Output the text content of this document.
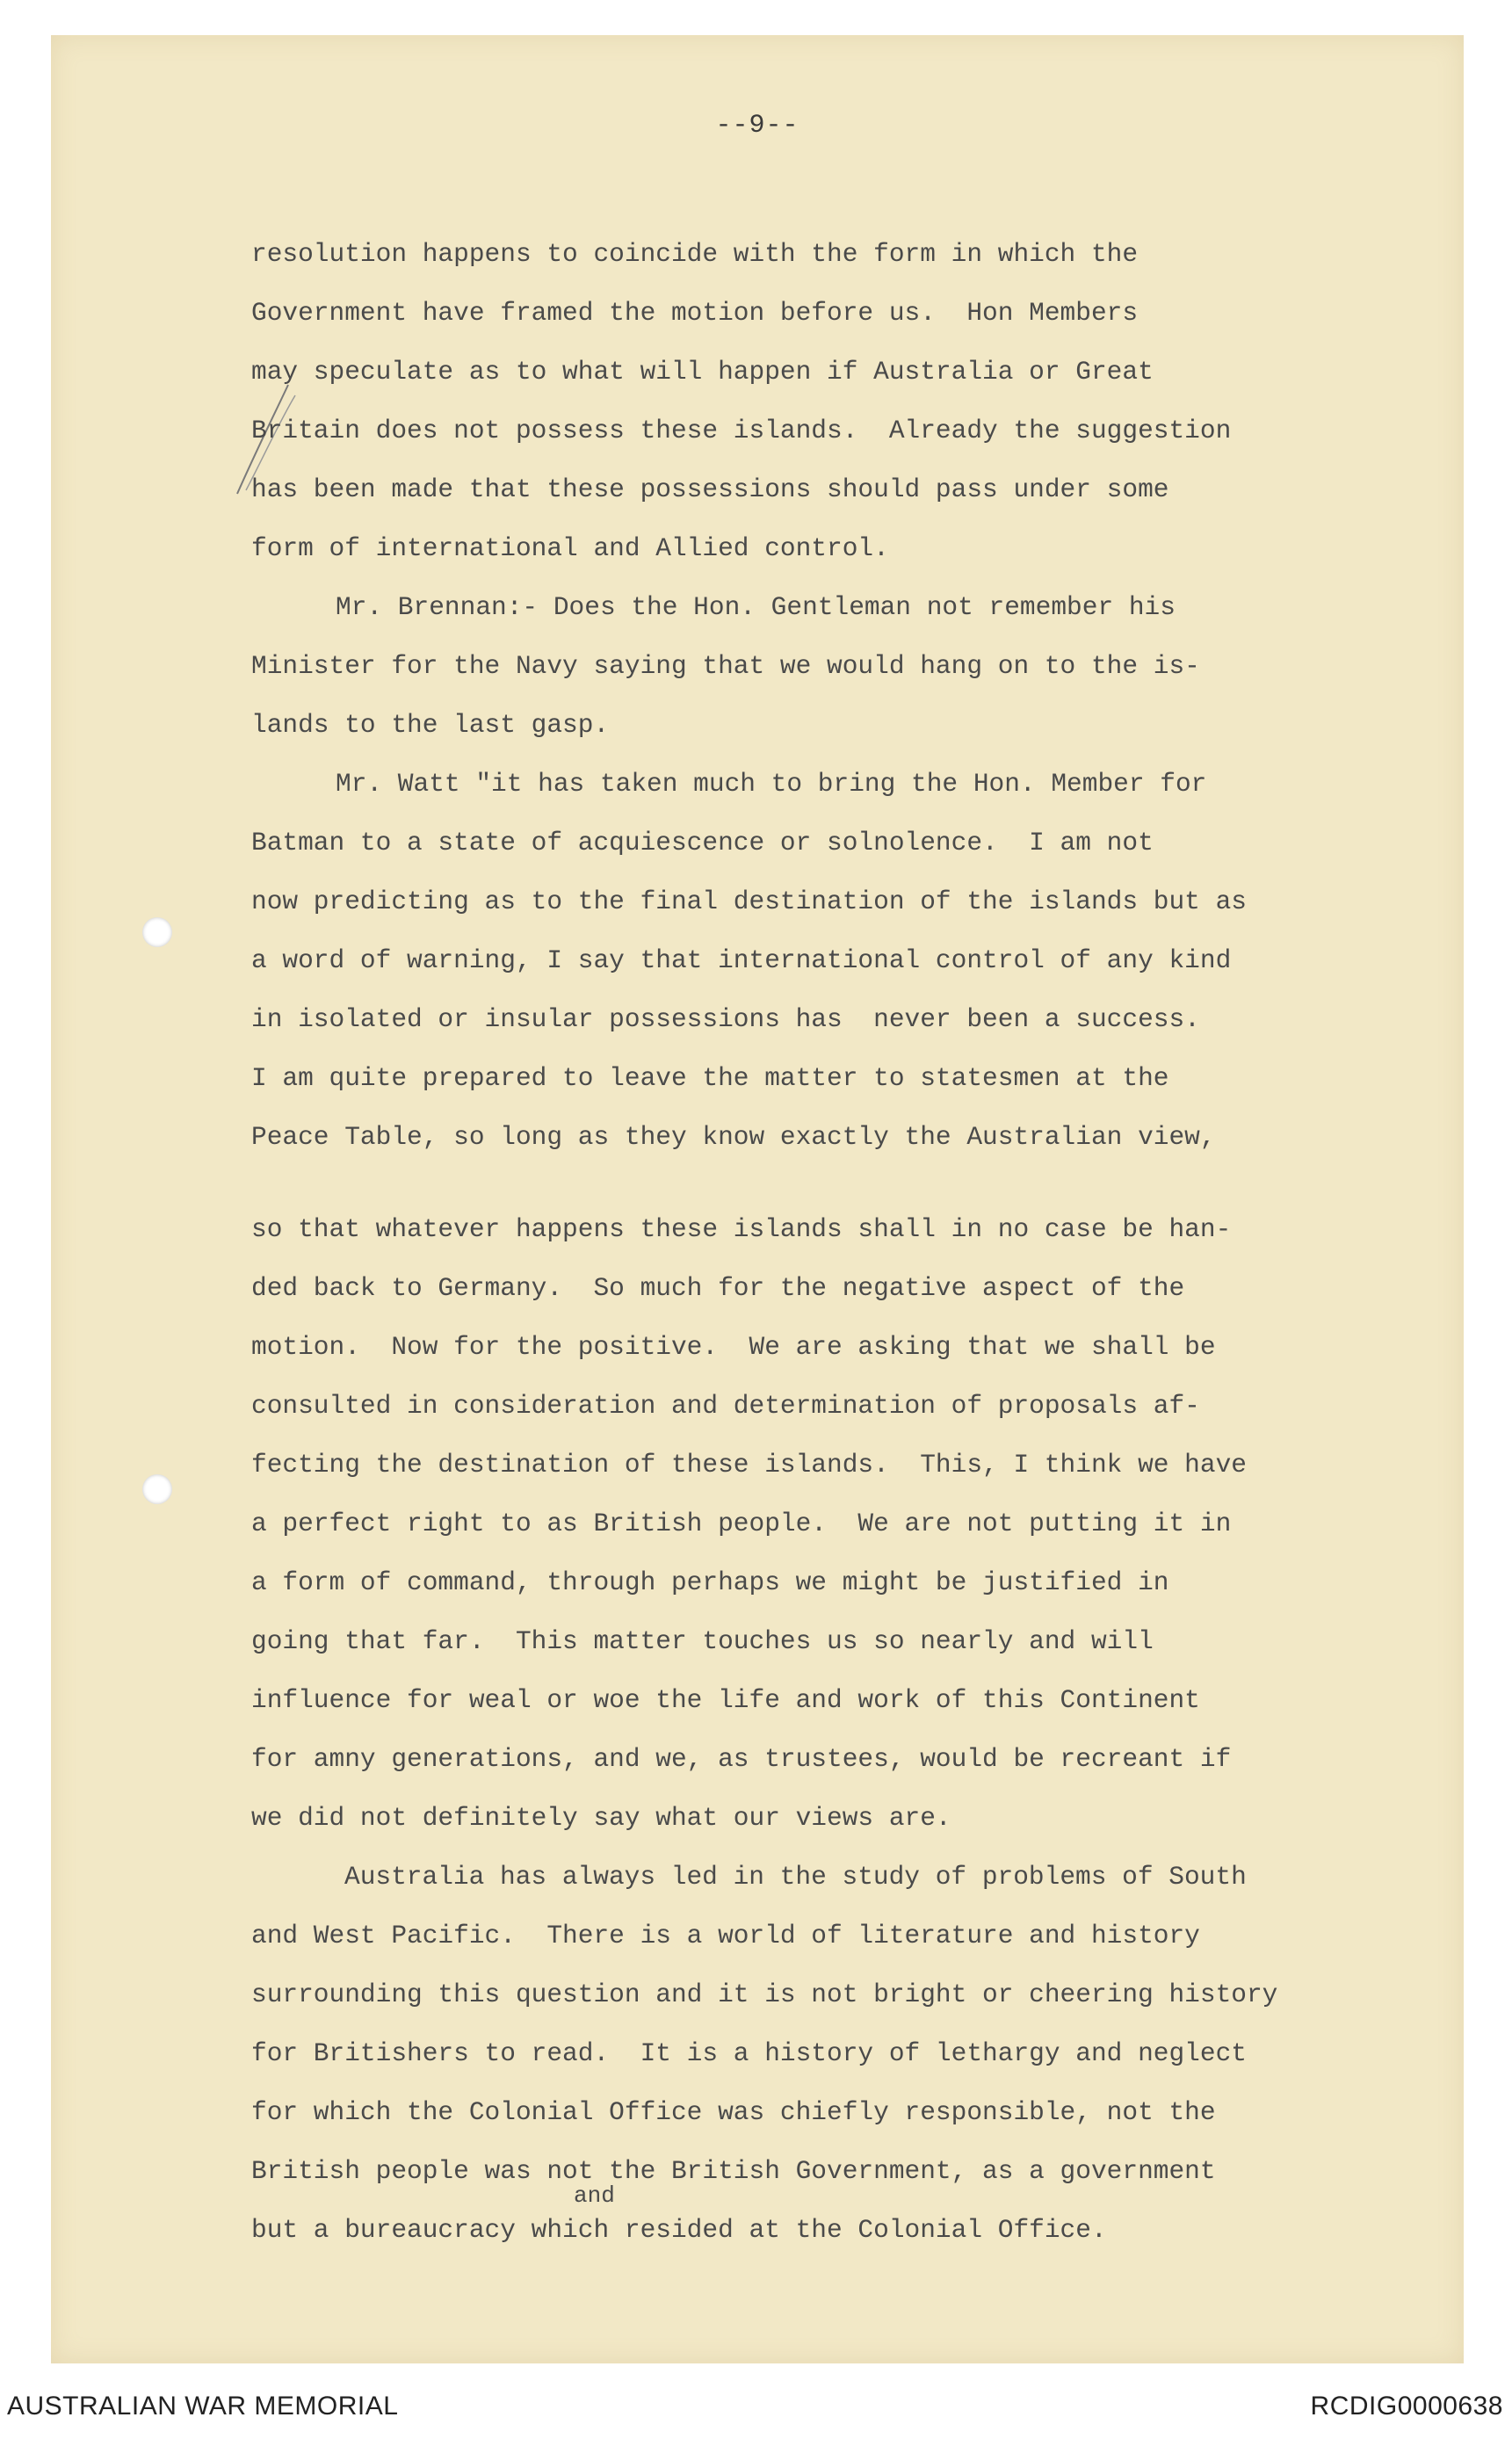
--9--
resolution happens to coincide with the form in which the
Government have framed the motion before us.  Hon Members
may speculate as to what will happen if Australia or Great
Britain does not possess these islands.  Already the suggestion
has been made that these possessions should pass under some
form of international and Allied control.
Mr. Brennan:- Does the Hon. Gentleman not remember his
Minister for the Navy saying that we would hang on to the is-
lands to the last gasp.
Mr. Watt "it has taken much to bring the Hon. Member for
Batman to a state of acquiescence or solnolence.  I am not
now predicting as to the final destination of the islands but as
a word of warning, I say that international control of any kind
in isolated or insular possessions has  never been a success.
I am quite prepared to leave the matter to statesmen at the
Peace Table, so long as they know exactly the Australian view,
so that whatever happens these islands shall in no case be han-
ded back to Germany.  So much for the negative aspect of the
motion.  Now for the positive.  We are asking that we shall be
consulted in consideration and determination of proposals af-
fecting the destination of these islands.  This, I think we have
a perfect right to as British people.  We are not putting it in
a form of command, through perhaps we might be justified in
going that far.  This matter touches us so nearly and will
influence for weal or woe the life and work of this Continent
for amny generations, and we, as trustees, would be recreant if
we did not definitely say what our views are.
Australia has always led in the study of problems of South
and West Pacific.  There is a world of literature and history
surrounding this question and it is not bright or cheering history
for Britishers to read.  It is a history of lethargy and neglect
for which the Colonial Office was chiefly responsible, not the
British people was not the British Government, as a government
but a bureaucracy which resided at the Colonial Office.
and
AUSTRALIAN WAR MEMORIAL	RCDIG0000638
